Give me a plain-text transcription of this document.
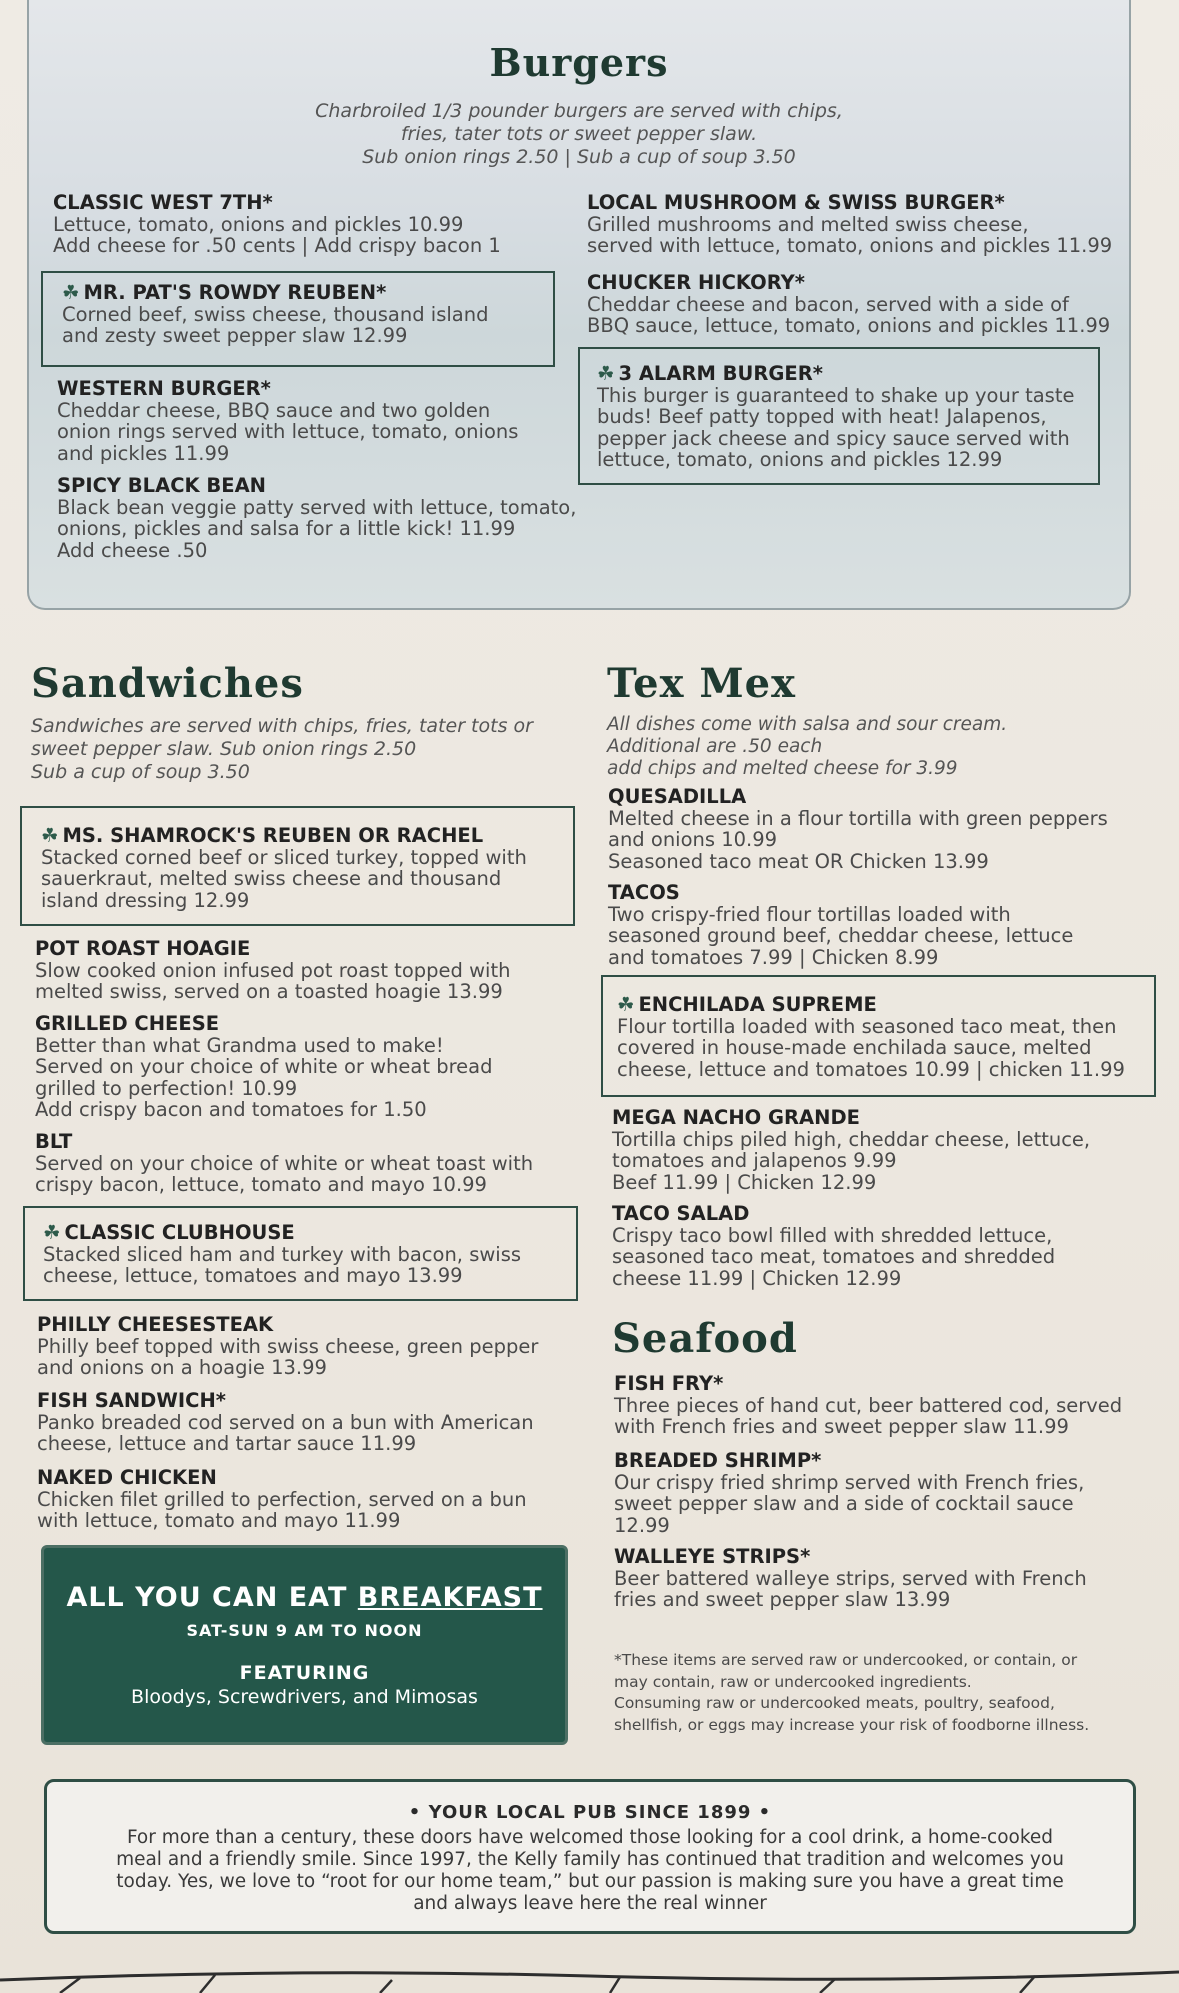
Burgers
Charbroiled 1/3 pounder burgers are served with chips,
fries, tater tots or sweet pepper slaw.
Sub onion rings 2.50 | Sub a cup of soup 3.50
CLASSIC WEST 7TH*
Lettuce, tomato, onions and pickles 10.99
Add cheese for .50 cents | Add crispy bacon 1
☘ MR. PAT'S ROWDY REUBEN*
Corned beef, swiss cheese, thousand island
and zesty sweet pepper slaw 12.99
WESTERN BURGER*
Cheddar cheese, BBQ sauce and two golden
onion rings served with lettuce, tomato, onions
and pickles 11.99
SPICY BLACK BEAN
Black bean veggie patty served with lettuce, tomato,
onions, pickles and salsa for a little kick! 11.99
Add cheese .50
LOCAL MUSHROOM & SWISS BURGER*
Grilled mushrooms and melted swiss cheese,
served with lettuce, tomato, onions and pickles 11.99
CHUCKER HICKORY*
Cheddar cheese and bacon, served with a side of
BBQ sauce, lettuce, tomato, onions and pickles 11.99
☘ 3 ALARM BURGER*
This burger is guaranteed to shake up your taste
buds! Beef patty topped with heat! Jalapenos,
pepper jack cheese and spicy sauce served with
lettuce, tomato, onions and pickles 12.99
Sandwiches
Sandwiches are served with chips, fries, tater tots or
sweet pepper slaw. Sub onion rings 2.50
Sub a cup of soup 3.50
☘ MS. SHAMROCK'S REUBEN OR RACHEL
Stacked corned beef or sliced turkey, topped with
sauerkraut, melted swiss cheese and thousand
island dressing 12.99
POT ROAST HOAGIE
Slow cooked onion infused pot roast topped with
melted swiss, served on a toasted hoagie 13.99
GRILLED CHEESE
Better than what Grandma used to make!
Served on your choice of white or wheat bread
grilled to perfection! 10.99
Add crispy bacon and tomatoes for 1.50
BLT
Served on your choice of white or wheat toast with
crispy bacon, lettuce, tomato and mayo 10.99
☘ CLASSIC CLUBHOUSE
Stacked sliced ham and turkey with bacon, swiss
cheese, lettuce, tomatoes and mayo 13.99
PHILLY CHEESESTEAK
Philly beef topped with swiss cheese, green pepper
and onions on a hoagie 13.99
FISH SANDWICH*
Panko breaded cod served on a bun with American
cheese, lettuce and tartar sauce 11.99
NAKED CHICKEN
Chicken filet grilled to perfection, served on a bun
with lettuce, tomato and mayo 11.99
ALL YOU CAN EAT BREAKFAST
SAT-SUN 9 AM TO NOON
FEATURING
Bloodys, Screwdrivers, and Mimosas
Tex Mex
All dishes come with salsa and sour cream.
Additional are .50 each
add chips and melted cheese for 3.99
QUESADILLA
Melted cheese in a flour tortilla with green peppers
and onions 10.99
Seasoned taco meat OR Chicken 13.99
TACOS
Two crispy-fried flour tortillas loaded with
seasoned ground beef, cheddar cheese, lettuce
and tomatoes 7.99 | Chicken 8.99
☘ ENCHILADA SUPREME
Flour tortilla loaded with seasoned taco meat, then
covered in house-made enchilada sauce, melted
cheese, lettuce and tomatoes 10.99 | chicken 11.99
MEGA NACHO GRANDE
Tortilla chips piled high, cheddar cheese, lettuce,
tomatoes and jalapenos 9.99
Beef 11.99 | Chicken 12.99
TACO SALAD
Crispy taco bowl filled with shredded lettuce,
seasoned taco meat, tomatoes and shredded
cheese 11.99 | Chicken 12.99
Seafood
FISH FRY*
Three pieces of hand cut, beer battered cod, served
with French fries and sweet pepper slaw 11.99
BREADED SHRIMP*
Our crispy fried shrimp served with French fries,
sweet pepper slaw and a side of cocktail sauce
12.99
WALLEYE STRIPS*
Beer battered walleye strips, served with French
fries and sweet pepper slaw 13.99
*These items are served raw or undercooked, or contain, or
may contain, raw or undercooked ingredients.
Consuming raw or undercooked meats, poultry, seafood,
shellfish, or eggs may increase your risk of foodborne illness.
• YOUR LOCAL PUB SINCE 1899 •
For more than a century, these doors have welcomed those looking for a cool drink, a home-cooked
meal and a friendly smile. Since 1997, the Kelly family has continued that tradition and welcomes you
today. Yes, we love to “root for our home team,” but our passion is making sure you have a great time
and always leave here the real winner
